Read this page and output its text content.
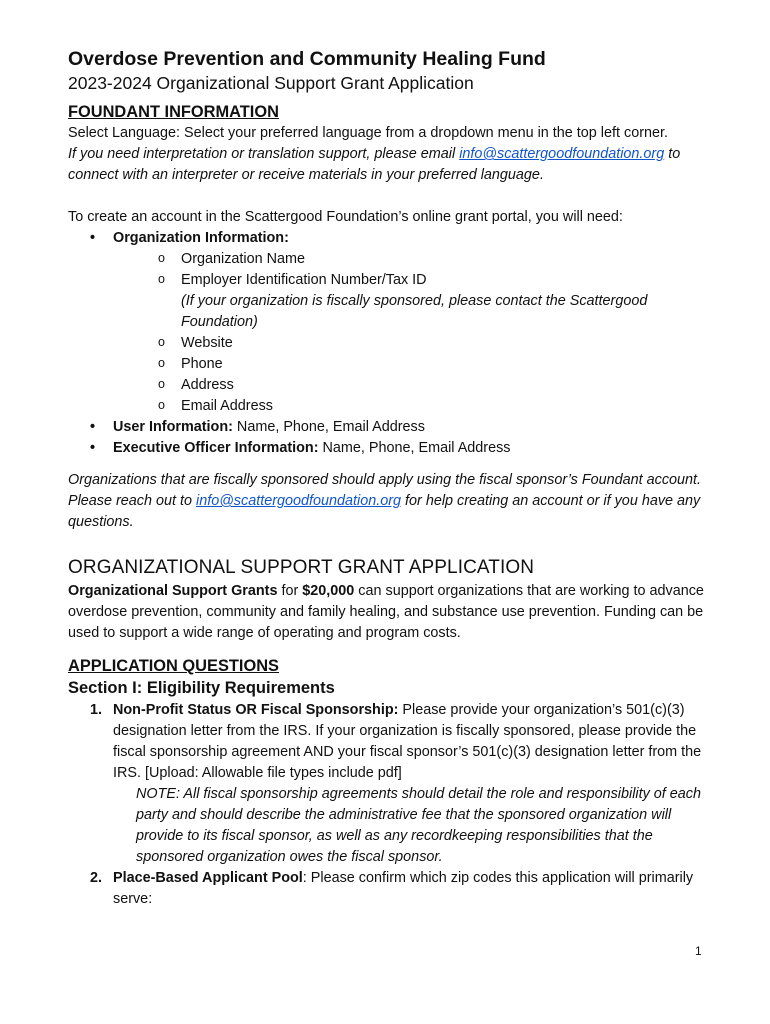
Overdose Prevention and Community Healing Fund
2023-2024 Organizational Support Grant Application
FOUNDANT INFORMATION

Select Language: Select your preferred language from a dropdown menu in the top left corner.

If you need interpretation or translation support, please email info@scattergoodfoundation.org to connect with an interpreter or receive materials in your preferred language.

To create an account in the Scattergood Foundation’s online grant portal, you will need:

• Organization Information:
o Organization Name
o Employer Identification Number/Tax ID
(If your organization is fiscally sponsored, please contact the Scattergood Foundation)
o Website
o Phone
o Address
o Email Address
• User Information: Name, Phone, Email Address
• Executive Officer Information: Name, Phone, Email Address

Organizations that are fiscally sponsored should apply using the fiscal sponsor’s Foundant account. Please reach out to info@scattergoodfoundation.org for help creating an account or if you have any questions.

ORGANIZATIONAL SUPPORT GRANT APPLICATION

Organizational Support Grants for $20,000 can support organizations that are working to advance overdose prevention, community and family healing, and substance use prevention. Funding can be used to support a wide range of operating and program costs.

APPLICATION QUESTIONS
Section I: Eligibility Requirements
1. Non-Profit Status OR Fiscal Sponsorship: Please provide your organization’s 501(c)(3) designation letter from the IRS. If your organization is fiscally sponsored, please provide the fiscal sponsorship agreement AND your fiscal sponsor’s 501(c)(3) designation letter from the IRS. [Upload: Allowable file types include pdf]
NOTE: All fiscal sponsorship agreements should detail the role and responsibility of each party and should describe the administrative fee that the sponsored organization will provide to its fiscal sponsor, as well as any recordkeeping responsibilities that the sponsored organization owes the fiscal sponsor.
2. Place-Based Applicant Pool: Please confirm which zip codes this application will primarily serve:
1
